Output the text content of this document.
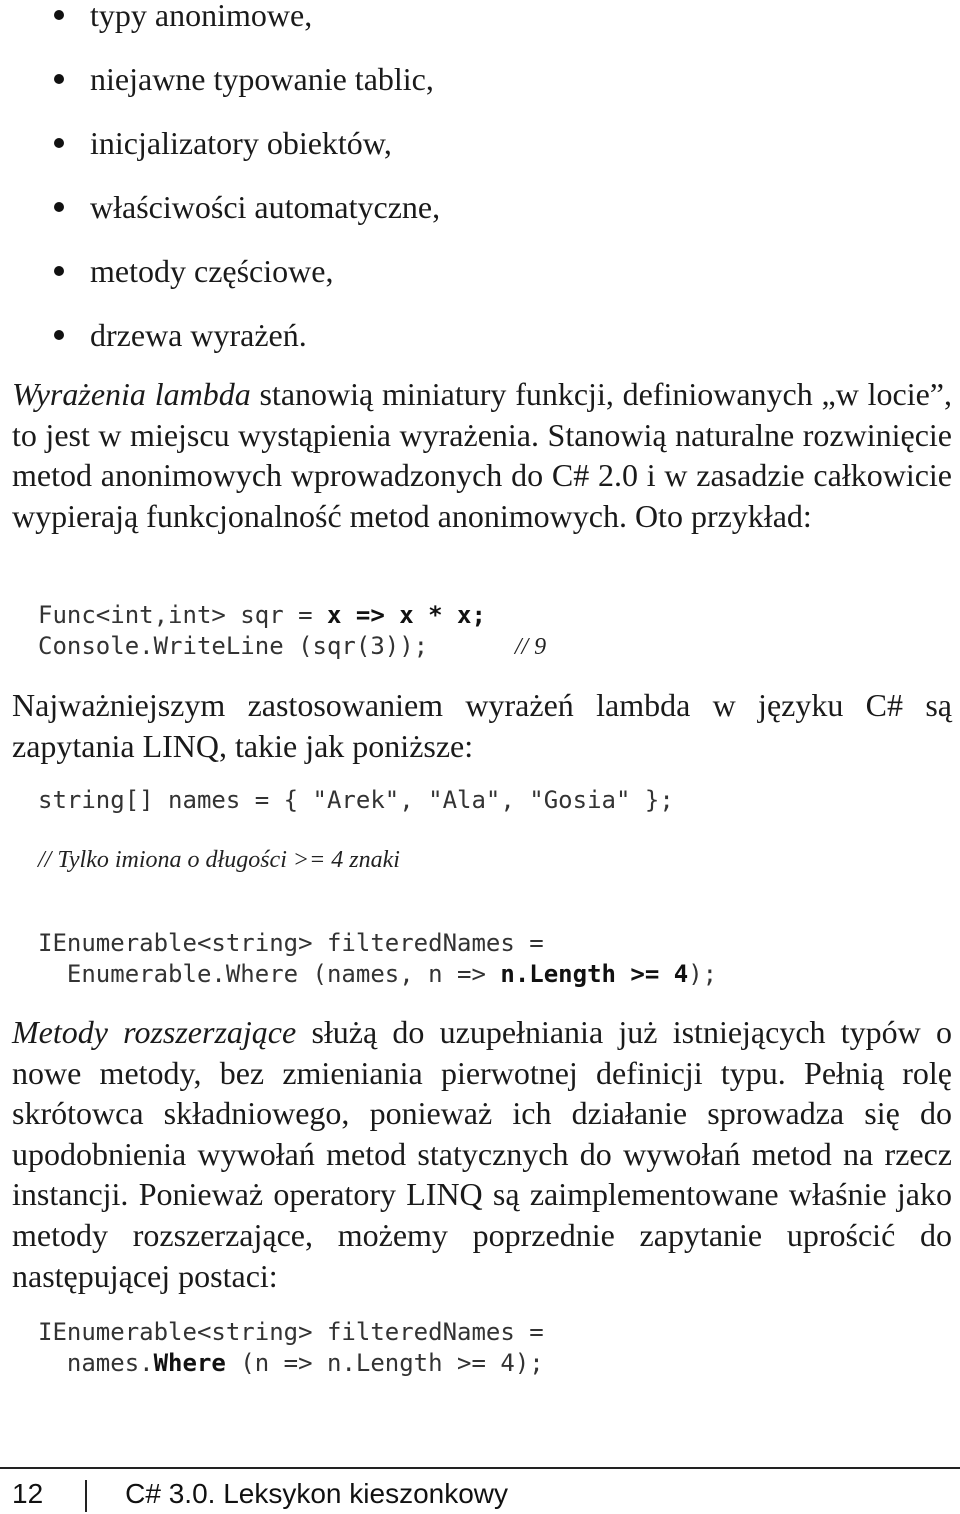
typy anonimowe,
niejawne typowanie tablic,
inicjalizatory obiektów,
właściwości automatyczne,
metody częściowe,
drzewa wyrażeń.

Wyrażenia lambda stanowią miniatury funkcji, definiowanych „w locie”, to jest w miejscu wystąpienia wyrażenia. Stanowią naturalne rozwinięcie metod anonimowych wprowadzonych do C# 2.0 i w zasadzie całkowicie wypierają funkcjonalność metod anonimowych. Oto przykład:

Func<int,int> sqr = x => x * x;
Console.WriteLine (sqr(3));      // 9

Najważniejszym zastosowaniem wyrażeń lambda w języku C# są zapytania LINQ, takie jak poniższe:

string[] names = { "Arek", "Ala", "Gosia" };
// Tylko imiona o długości >= 4 znaki
IEnumerable<string> filteredNames =
Enumerable.Where (names, n => n.Length >= 4);

Metody rozszerzające służą do uzupełniania już istniejących typów o nowe metody, bez zmieniania pierwotnej definicji typu. Pełnią rolę skrótowca składniowego, ponieważ ich działanie sprowadza się do upodobnienia wywołań metod statycznych do wywołań metod na rzecz instancji. Ponieważ operatory LINQ są zaimplementowane właśnie jako metody rozszerzające, możemy poprzednie zapytanie uprościć do następującej postaci:

IEnumerable<string> filteredNames =
names.Where (n => n.Length >= 4);
12	C# 3.0. Leksykon kieszonkowy
